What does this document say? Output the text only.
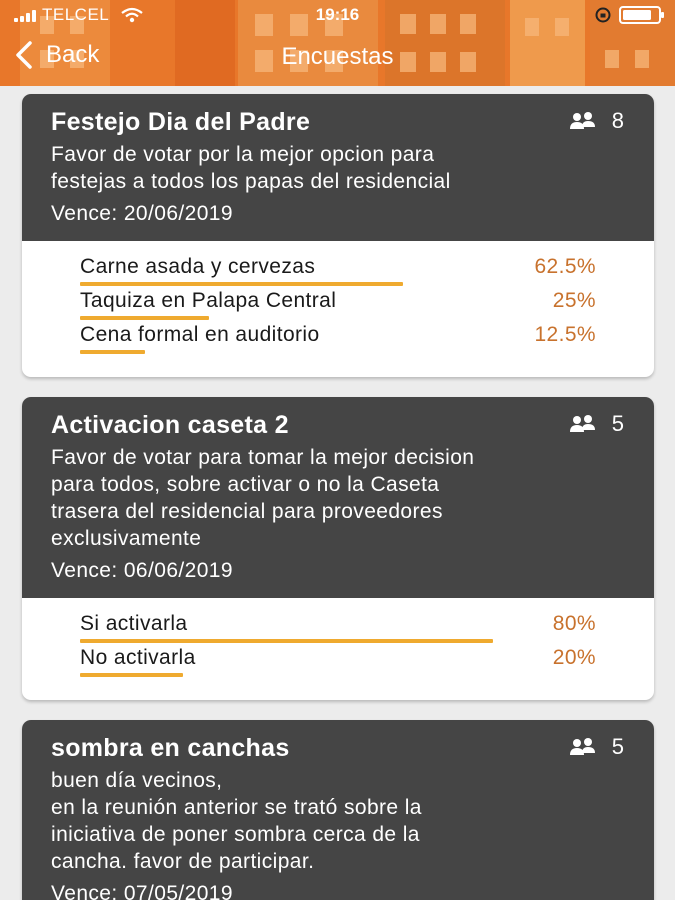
TELCEL	19:16
Back	Encuestas
Festejo Dia del Padre	8
Favor de votar por la mejor opcion para
festejas a todos los papas del residencial
Vence: 20/06/2019
Carne asada y cervezas	62.5%
Taquiza en Palapa Central	25%
Cena formal en auditorio	12.5%
Activacion caseta 2	5
Favor de votar para tomar la mejor decision
para todos, sobre activar o no la Caseta
trasera del residencial para proveedores
exclusivamente
Vence: 06/06/2019
Si activarla	80%
No activarla	20%
sombra en canchas	5
buen día vecinos,
en la reunión anterior se trató sobre la
iniciativa de poner sombra cerca de la
cancha. favor de participar.
Vence: 07/05/2019
